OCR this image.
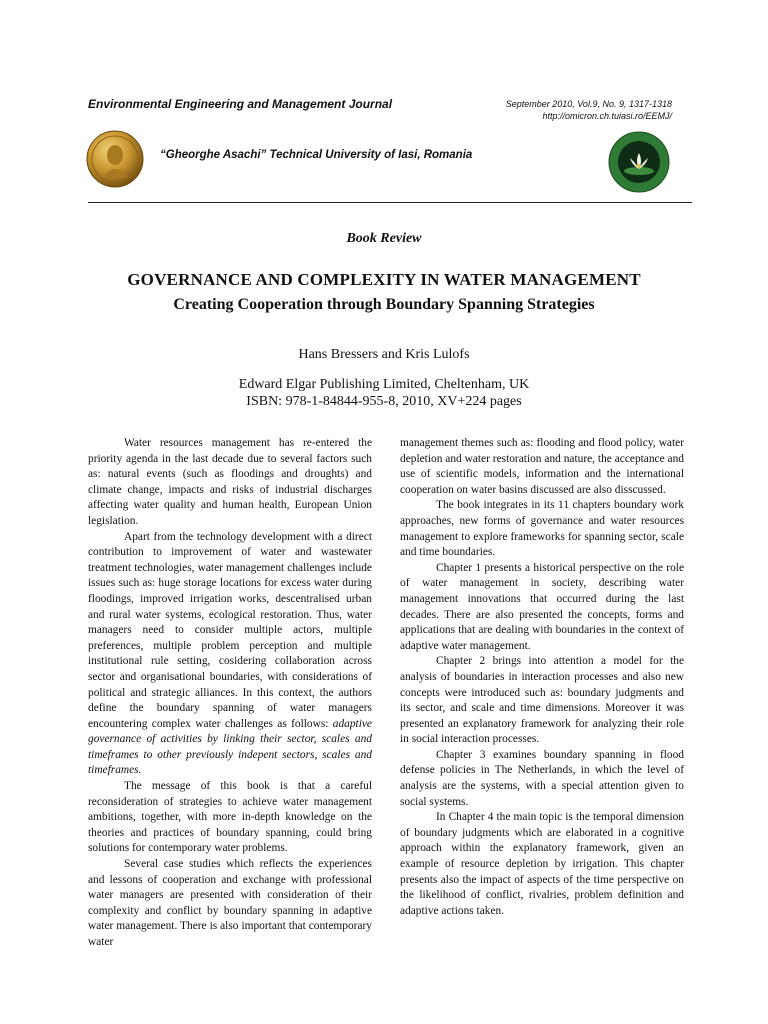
Environmental Engineering and Management Journal	September 2010, Vol.9, No. 9, 1317-1318
http://omicron.ch.tuiasi.ro/EEMJ/
“Gheorghe Asachi” Technical University of Iasi, Romania
Book Review
GOVERNANCE AND COMPLEXITY IN WATER MANAGEMENT
Creating Cooperation through Boundary Spanning Strategies
Hans Bressers and Kris Lulofs
Edward Elgar Publishing Limited, Cheltenham, UK
ISBN: 978-1-84844-955-8, 2010, XV+224 pages

Water resources management has re-entered the priority agenda in the last decade due to several factors such as: natural events (such as floodings and droughts) and climate change, impacts and risks of industrial discharges affecting water quality and human health, European Union legislation.

Apart from the technology development with a direct contribution to improvement of water and wastewater treatment technologies, water management challenges include issues such as: huge storage locations for excess water during floodings, improved irrigation works, descentralised urban and rural water systems, ecological restoration. Thus, water managers need to consider multiple actors, multiple preferences, multiple problem perception and multiple institutional rule setting, cosidering collaboration across sector and organisational boundaries, with considerations of political and strategic alliances. In this context, the authors define the boundary spanning of water managers encountering complex water challenges as follows: adaptive governance of activities by linking their sector, scales and timeframes to other previously indepent sectors, scales and timeframes.

The message of this book is that a careful reconsideration of strategies to achieve water management ambitions, together, with more in-depth knowledge on the theories and practices of boundary spanning, could bring solutions for contemporary water problems.

Several case studies which reflects the experiences and lessons of cooperation and exchange with professional water managers are presented with consideration of their complexity and conflict by boundary spanning in adaptive water management. There is also important that contemporary water

management themes such as: flooding and flood policy, water depletion and water restoration and nature, the acceptance and use of scientific models, information and the international cooperation on water basins discussed are also disscussed.

The book integrates in its 11 chapters boundary work approaches, new forms of governance and water resources management to explore frameworks for spanning sector, scale and time boundaries.

Chapter 1 presents a historical perspective on the role of water management in society, describing water management innovations that occurred during the last decades. There are also presented the concepts, forms and applications that are dealing with boundaries in the context of adaptive water management.

Chapter 2 brings into attention a model for the analysis of boundaries in interaction processes and also new concepts were introduced such as: boundary judgments and its sector, and scale and time dimensions. Moreover it was presented an explanatory framework for analyzing their role in social interaction processes.

Chapter 3 examines boundary spanning in flood defense policies in The Netherlands, in which the level of analysis are the systems, with a special attention given to social systems.

In Chapter 4 the main topic is the temporal dimension of boundary judgments which are elaborated in a cognitive approach within the explanatory framework, given an example of resource depletion by irrigation. This chapter presents also the impact of aspects of the time perspective on the likelihood of conflict, rivalries, problem definition and adaptive actions taken.
